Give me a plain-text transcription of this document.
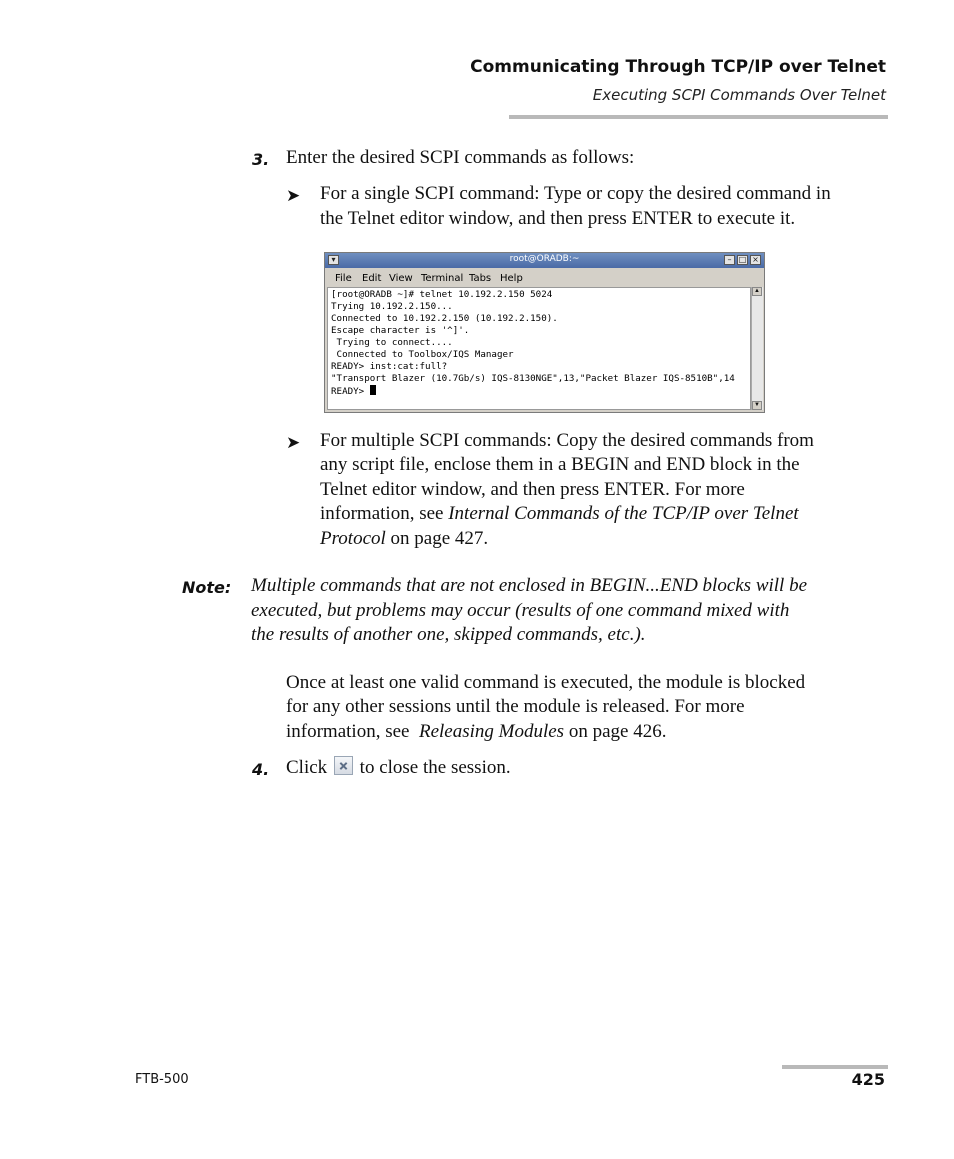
Communicating Through TCP/IP over Telnet
Executing SCPI Commands Over Telnet
3. Enter the desired SCPI commands as follows:
➤ For a single SCPI command: Type or copy the desired command in
the Telnet editor window, and then press ENTER to execute it.
▾	root@ORADB:~	– □ ×
File Edit View Terminal Tabs Help
[root@ORADB ~]# telnet 10.192.2.150 5024
Trying 10.192.2.150...
Connected to 10.192.2.150 (10.192.2.150).
Escape character is '^]'.
Trying to connect....
Connected to Toolbox/IQS Manager
READY> inst:cat:full?
"Transport Blazer (10.7Gb/s) IQS-8130NGE",13,"Packet Blazer IQS-8510B",14
READY>
▲
▼
➤ For multiple SCPI commands: Copy the desired commands from
any script file, enclose them in a BEGIN and END block in the
Telnet editor window, and then press ENTER. For more
information, see Internal Commands of the TCP/IP over Telnet
Protocol on page 427.
Note: Multiple commands that are not enclosed in BEGIN...END blocks will be
executed, but problems may occur (results of one command mixed with
the results of another one, skipped commands, etc.).
Once at least one valid command is executed, the module is blocked
for any other sessions until the module is released. For more
information, see  Releasing Modules on page 426.
4. Click  to close the session.
FTB-500	425
